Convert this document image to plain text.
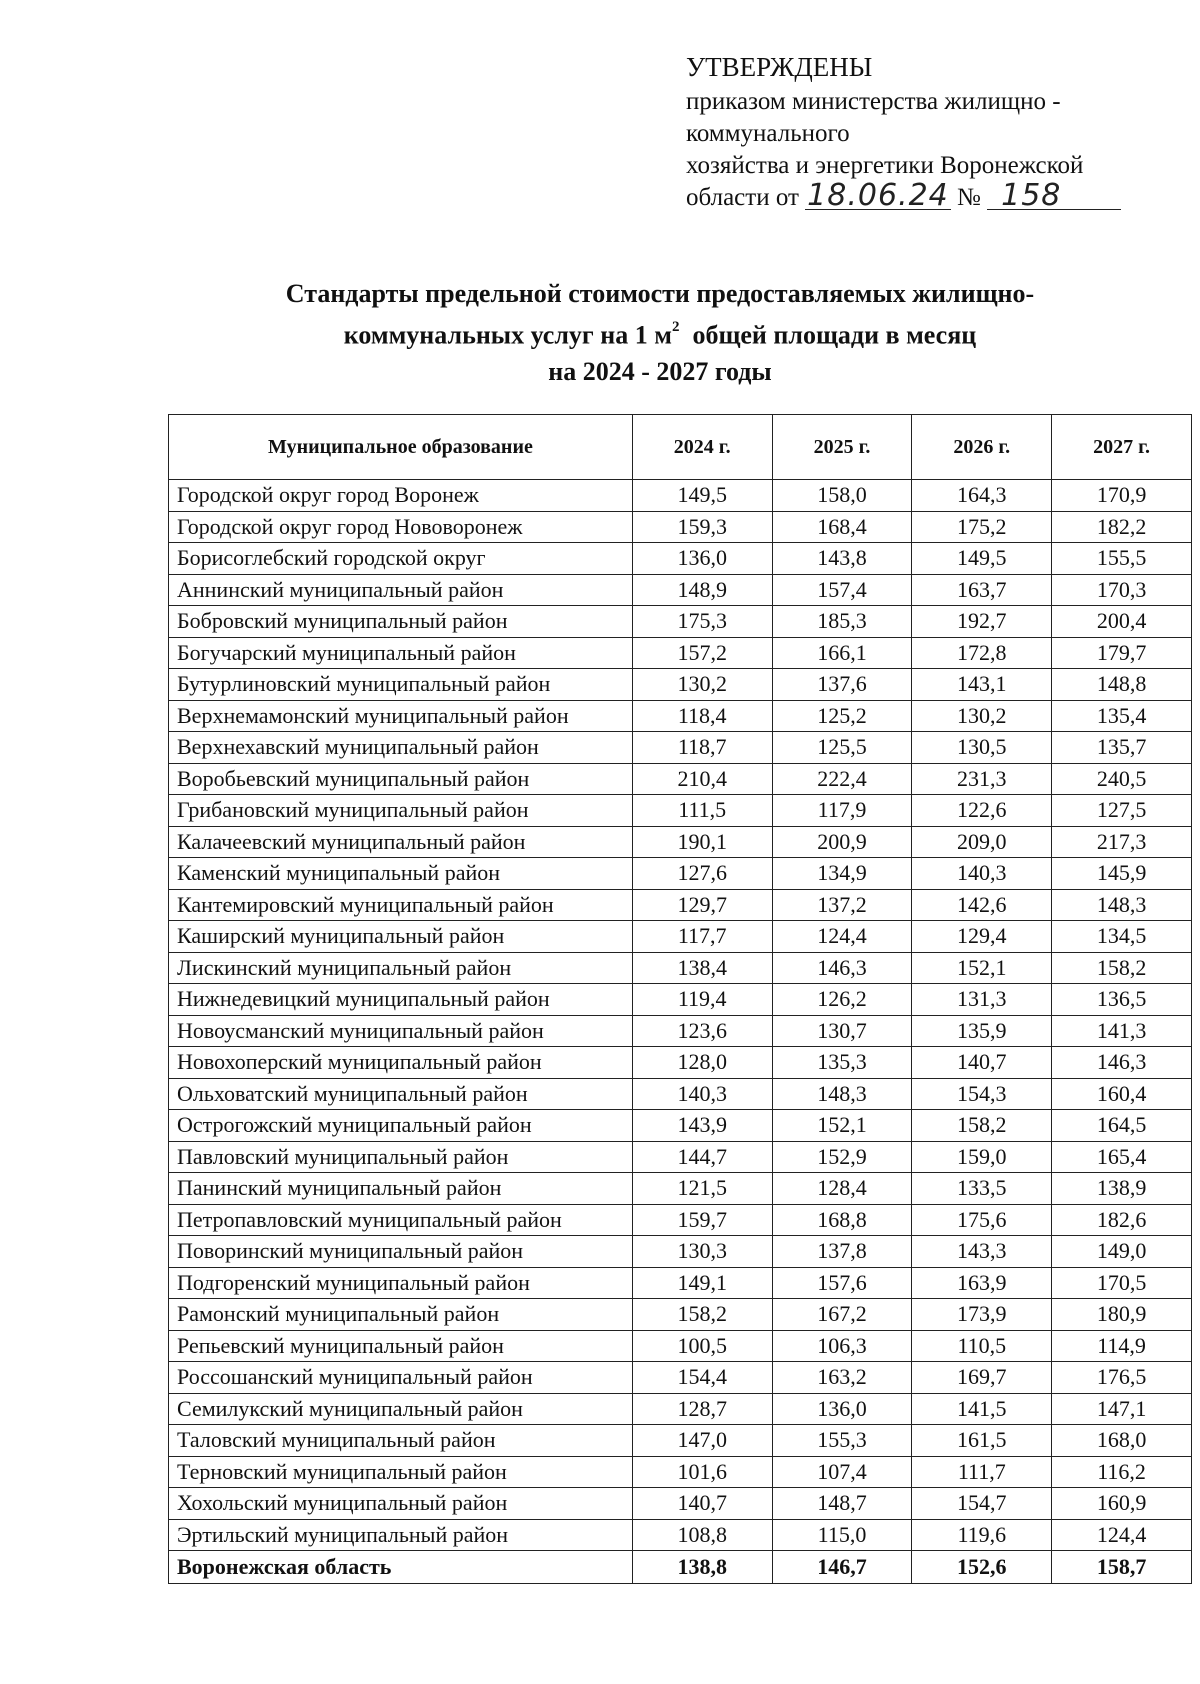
УТВЕРЖДЕНЫ
приказом министерства жилищно -
коммунального
хозяйства и энергетики Воронежской
области от 18.06.24 № 158
Стандарты предельной стоимости предоставляемых жилищно-
коммунальных услуг на 1 $м^2$  общей площади в месяц
на 2024 - 2027 годы
Муниципальное образование	2024 г.	2025 г.	2026 г.	2027 г.
Городской округ город Воронеж	149,5	158,0	164,3	170,9
Городской округ город Нововоронеж	159,3	168,4	175,2	182,2
Борисоглебский городской округ	136,0	143,8	149,5	155,5
Аннинский муниципальный район	148,9	157,4	163,7	170,3
Бобровский муниципальный район	175,3	185,3	192,7	200,4
Богучарский муниципальный район	157,2	166,1	172,8	179,7
Бутурлиновский муниципальный район	130,2	137,6	143,1	148,8
Верхнемамонский муниципальный район	118,4	125,2	130,2	135,4
Верхнехавский муниципальный район	118,7	125,5	130,5	135,7
Воробьевский муниципальный район	210,4	222,4	231,3	240,5
Грибановский муниципальный район	111,5	117,9	122,6	127,5
Калачеевский муниципальный район	190,1	200,9	209,0	217,3
Каменский муниципальный район	127,6	134,9	140,3	145,9
Кантемировский муниципальный район	129,7	137,2	142,6	148,3
Каширский муниципальный район	117,7	124,4	129,4	134,5
Лискинский муниципальный район	138,4	146,3	152,1	158,2
Нижнедевицкий муниципальный район	119,4	126,2	131,3	136,5
Новоусманский муниципальный район	123,6	130,7	135,9	141,3
Новохоперский муниципальный район	128,0	135,3	140,7	146,3
Ольховатский муниципальный район	140,3	148,3	154,3	160,4
Острогожский муниципальный район	143,9	152,1	158,2	164,5
Павловский муниципальный район	144,7	152,9	159,0	165,4
Панинский муниципальный район	121,5	128,4	133,5	138,9
Петропавловский муниципальный район	159,7	168,8	175,6	182,6
Поворинский муниципальный район	130,3	137,8	143,3	149,0
Подгоренский муниципальный район	149,1	157,6	163,9	170,5
Рамонский муниципальный район	158,2	167,2	173,9	180,9
Репьевский муниципальный район	100,5	106,3	110,5	114,9
Россошанский муниципальный район	154,4	163,2	169,7	176,5
Семилукский муниципальный район	128,7	136,0	141,5	147,1
Таловский муниципальный район	147,0	155,3	161,5	168,0
Терновский муниципальный район	101,6	107,4	111,7	116,2
Хохольский муниципальный район	140,7	148,7	154,7	160,9
Эртильский муниципальный район	108,8	115,0	119,6	124,4
Воронежская область	138,8	146,7	152,6	158,7
